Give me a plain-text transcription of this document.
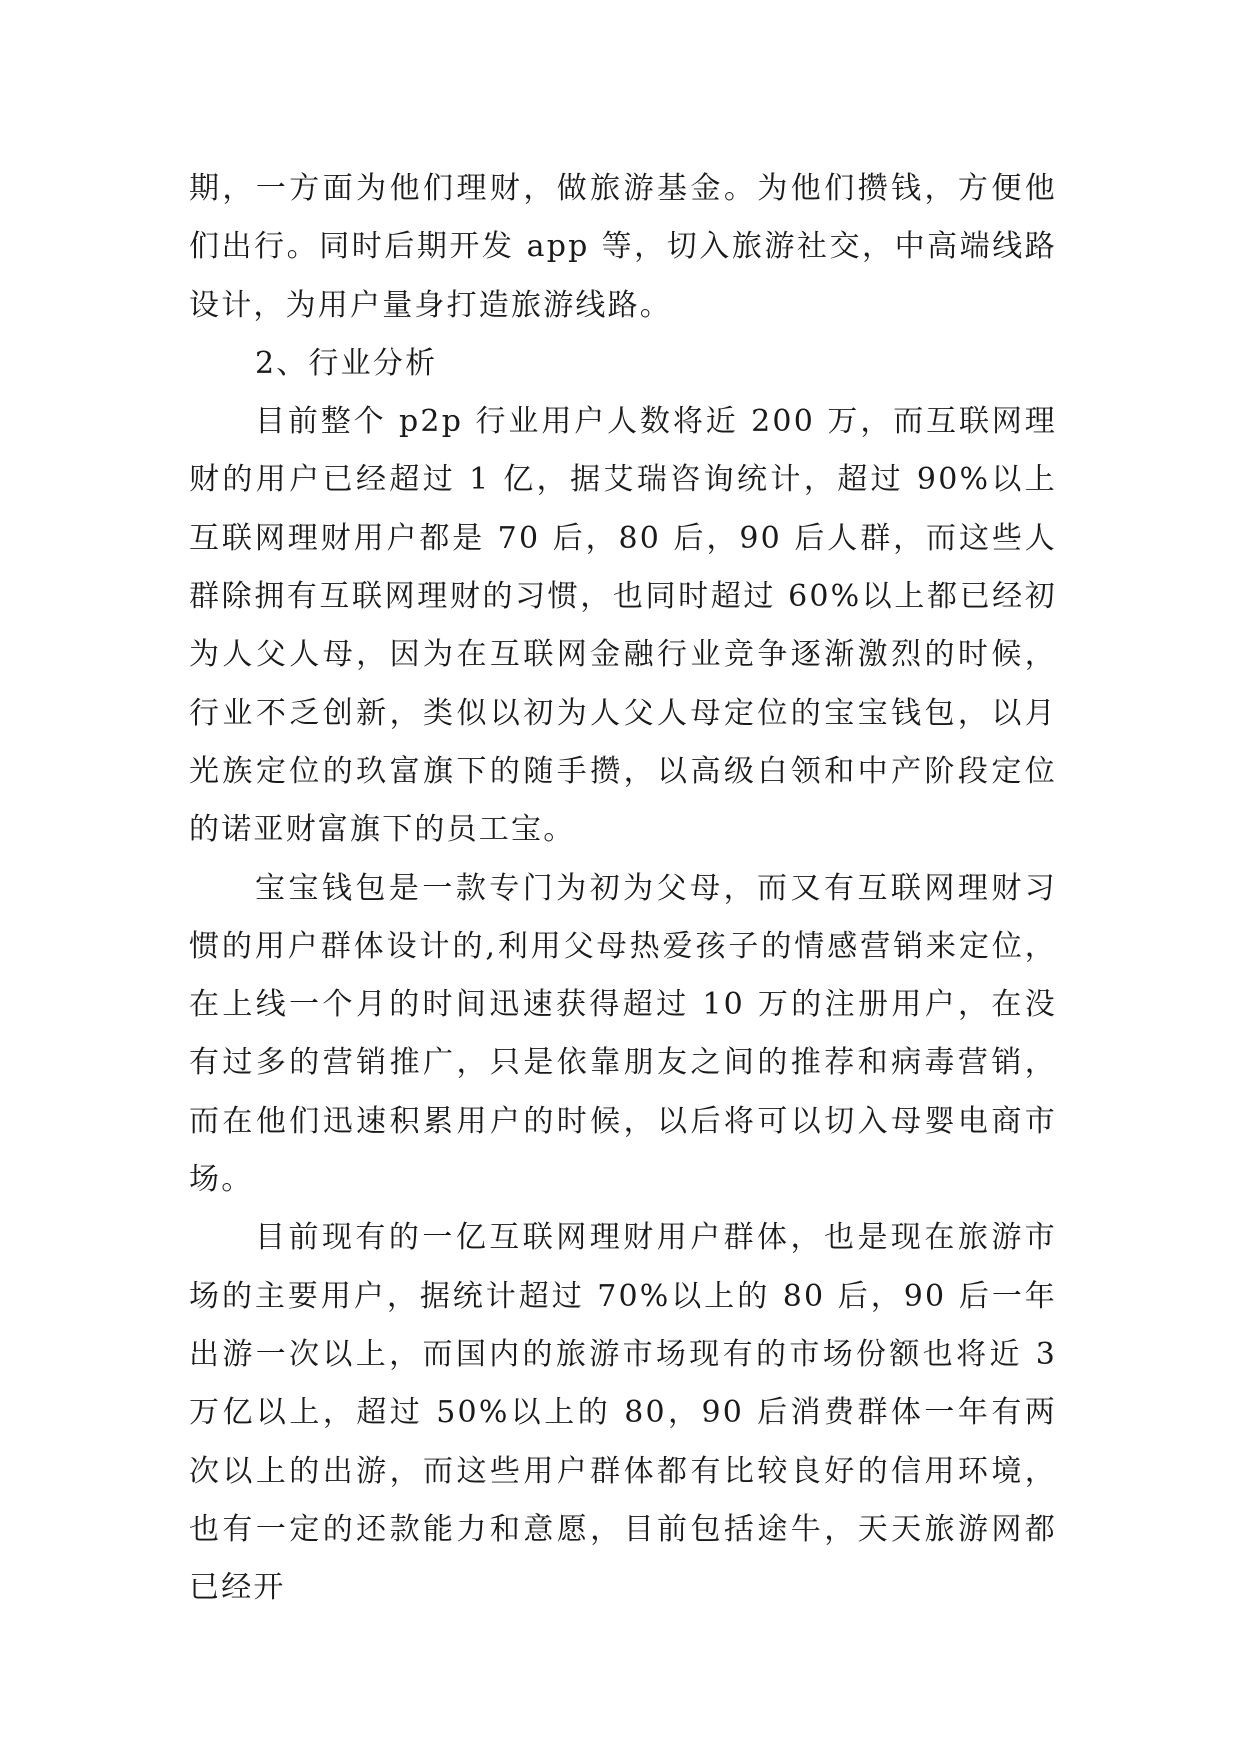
期，一方面为他们理财，做旅游基金。为他们攒钱，方便他们出行。同时后期开发 app 等，切入旅游社交，中高端线路设计，为用户量身打造旅游线路。

2、行业分析

目前整个 p2p 行业用户人数将近 200 万，而互联网理财的用户已经超过 1 亿，据艾瑞咨询统计，超过 90%以上互联网理财用户都是 70 后，80 后，90 后人群，而这些人群除拥有互联网理财的习惯，也同时超过 60%以上都已经初为人父人母，因为在互联网金融行业竞争逐渐激烈的时候，行业不乏创新，类似以初为人父人母定位的宝宝钱包，以月光族定位的玖富旗下的随手攒，以高级白领和中产阶段定位的诺亚财富旗下的员工宝。

宝宝钱包是一款专门为初为父母，而又有互联网理财习惯的用户群体设计的,利用父母热爱孩子的情感营销来定位，在上线一个月的时间迅速获得超过 10 万的注册用户，在没有过多的营销推广，只是依靠朋友之间的推荐和病毒营销，而在他们迅速积累用户的时候，以后将可以切入母婴电商市场。

目前现有的一亿互联网理财用户群体，也是现在旅游市场的主要用户，据统计超过 70%以上的 80 后，90 后一年出游一次以上，而国内的旅游市场现有的市场份额也将近 3 万亿以上，超过 50%以上的 80，90 后消费群体一年有两次以上的出游，而这些用户群体都有比较良好的信用环境，也有一定的还款能力和意愿，目前包括途牛，天天旅游网都已经开
